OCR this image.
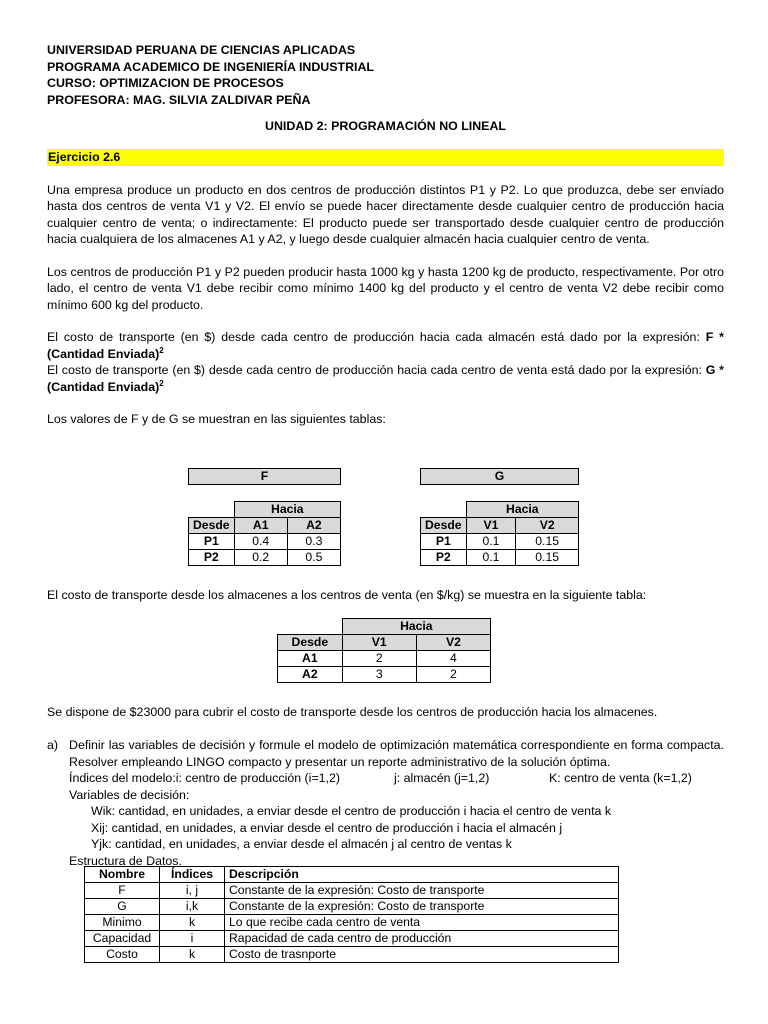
UNIVERSIDAD PERUANA DE CIENCIAS APLICADAS
PROGRAMA ACADEMICO DE INGENIERÍA INDUSTRIAL
CURSO: OPTIMIZACION DE PROCESOS
PROFESORA: MAG. SILVIA ZALDIVAR PEÑA
UNIDAD 2: PROGRAMACIÓN NO LINEAL
Ejercicio 2.6

Una empresa produce un producto en dos centros de producción distintos P1 y P2. Lo que produzca, debe ser enviado hasta dos centros de venta V1 y V2. El envío se puede hacer directamente desde cualquier centro de producción hacia cualquier centro de venta; o indirectamente: El producto puede ser transportado desde cualquier centro de producción hacia cualquiera de los almacenes A1 y A2, y luego desde cualquier almacén hacia cualquier centro de venta.

Los centros de producción P1 y P2 pueden producir hasta 1000 kg y hasta 1200 kg de producto, respectivamente. Por otro lado, el centro de venta V1 debe recibir como mínimo 1400 kg del producto y el centro de venta V2 debe recibir como mínimo 600 kg del producto.

El costo de transporte (en $) desde cada centro de producción hacia cada almacén está dado por la expresión: F * (Cantidad Enviada)$^2$

El costo de transporte (en $) desde cada centro de producción hacia cada centro de venta está dado por la expresión: G * (Cantidad Enviada)$^2$

Los valores de F y de G se muestran en las siguientes tablas:

F
	Hacia	
Desde	A1	A2
P1	0.4	0.3
P2	0.2	0.5
G
	Hacia	
Desde	V1	V2
P1	0.1	0.15
P2	0.1	0.15
El costo de transporte desde los almacenes a los centros de venta (en $/kg) se muestra en la siguiente tabla:
	Hacia	
Desde	V1	V2
A1	2	4
A2	3	2
Se dispone de $23000 para cubrir el costo de transporte desde los centros de producción hacia los almacenes.
a) Definir las variables de decisión y formule el modelo de optimización matemática correspondiente en forma compacta. Resolver empleando LINGO compacto y presentar un reporte administrativo de la solución óptima.

Índices del modelo:i: centro de producción (i=1,2)	j: almacén (j=1,2)	K: centro de venta (k=1,2)
Variables de decisión:
Wik: cantidad, en unidades, a enviar desde el centro de producción i hacia el centro de venta k
Xij: cantidad, en unidades, a enviar desde el centro de producción i hacia el almacén j
Yjk: cantidad, en unidades, a enviar desde el almacén j al centro de ventas k
Estructura de Datos.
Nombre	Índices	Descripción
F	i, j	Constante de la expresión: Costo de transporte
G	i,k	Constante de la expresión: Costo de transporte
Minimo	k	Lo que recibe cada centro de venta
Capacidad	i	Rapacidad de cada centro de producción
Costo	k	Costo de trasnporte
